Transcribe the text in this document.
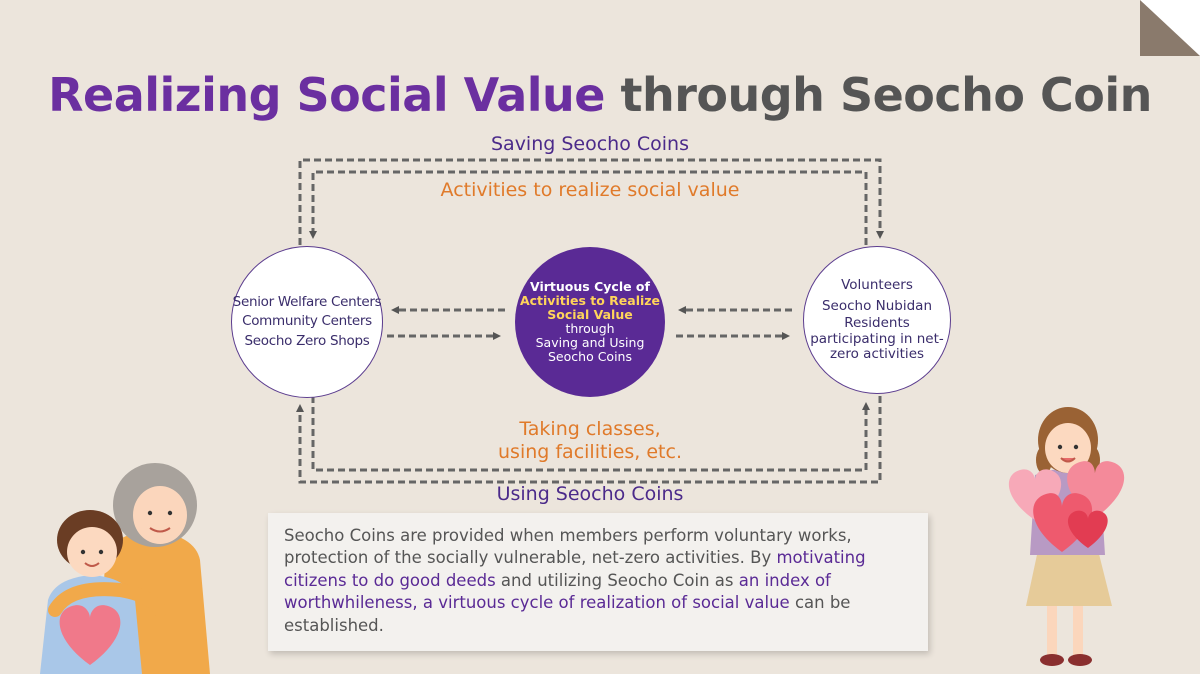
Realizing Social Value through Seocho Coin
Saving Seocho Coins
Activities to realize social value
Taking classes,
using facilities, etc.
Using Seocho Coins
Senior Welfare Centers
Community Centers
Seocho Zero Shops
Virtuous Cycle of
Activities to Realize
Social Value
through
Saving and Using
Seocho Coins
Volunteers
Seocho Nubidan
Residents
participating in net-
zero activities
Seocho Coins are provided when members perform voluntary works, protection of the socially vulnerable, net-zero activities. By motivating citizens to do good deeds and utilizing Seocho Coin as an index of worthwhileness, a virtuous cycle of realization of social value can be established.
